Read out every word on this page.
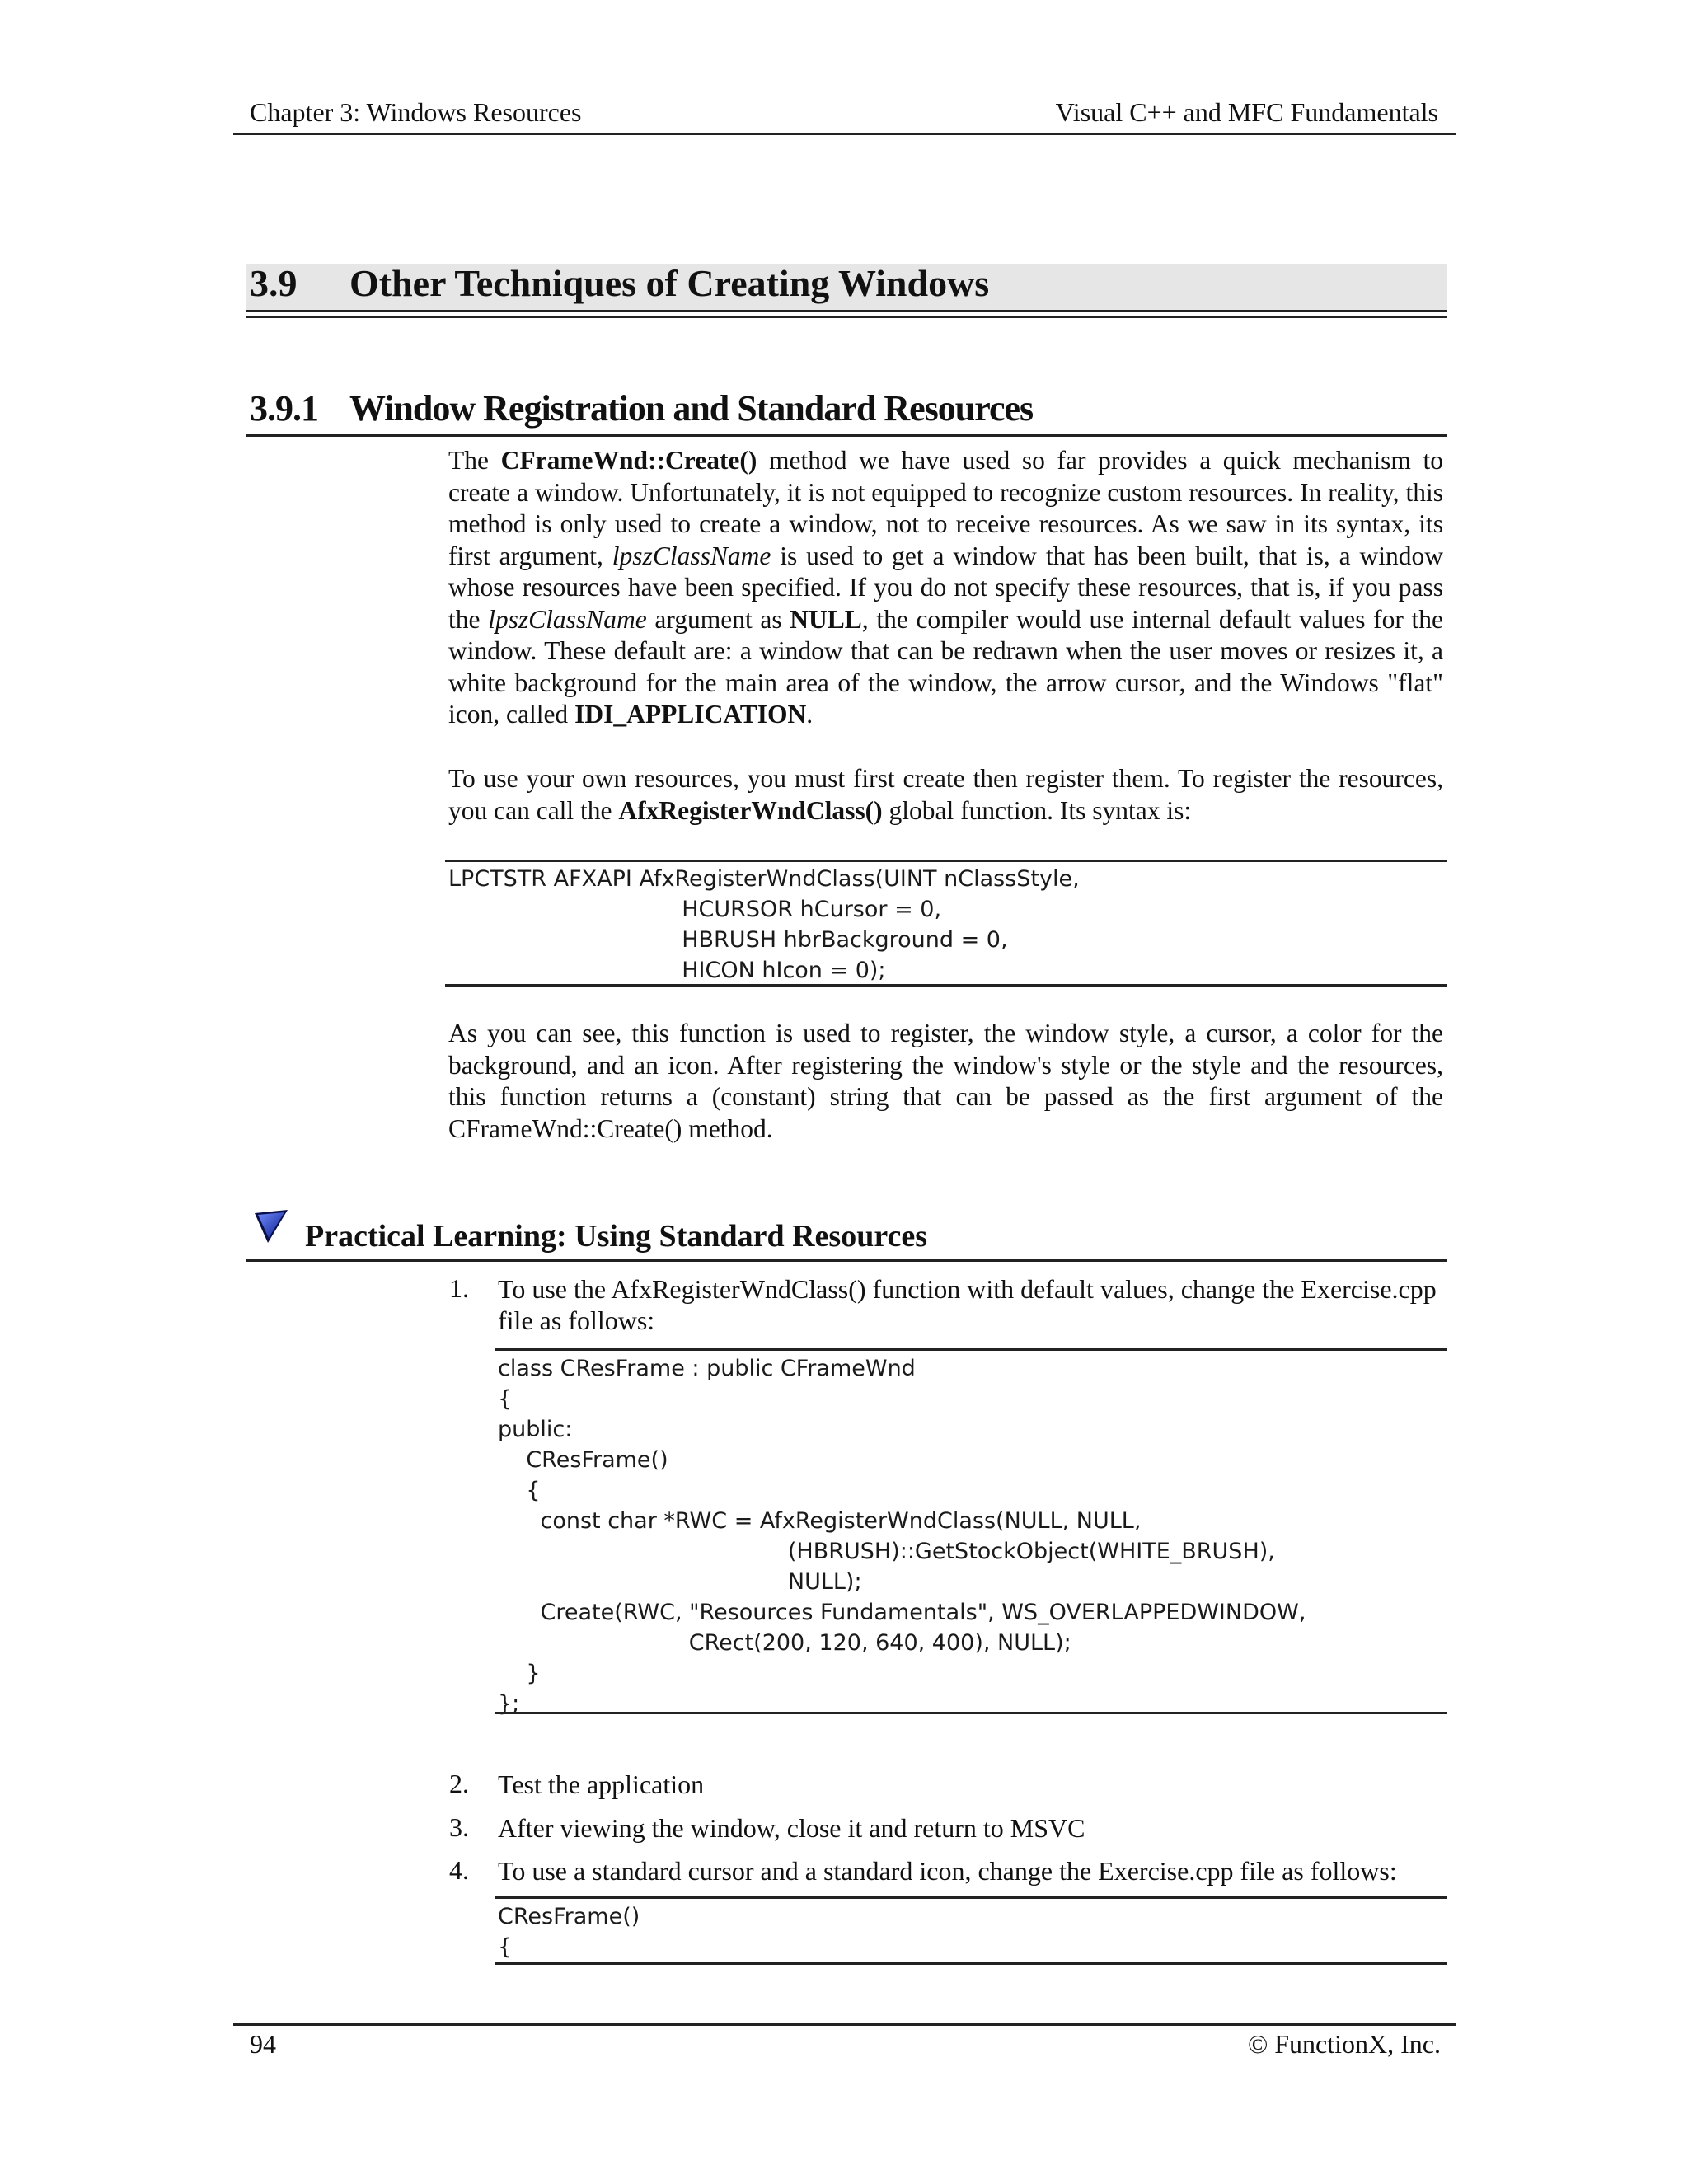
Chapter 3: Windows Resources	Visual C++ and MFC Fundamentals
3.9 Other Techniques of Creating Windows
3.9.1 Window Registration and Standard Resources
The CFrameWnd::Create() method we have used so far provides a quick mechanism to create a window. Unfortunately, it is not equipped to recognize custom resources. In reality, this method is only used to create a window, not to receive resources. As we saw in its syntax, its first argument, lpszClassName is used to get a window that has been built, that is, a window whose resources have been specified. If you do not specify these resources, that is, if you pass the lpszClassName argument as NULL, the compiler would use internal default values for the window. These default are: a window that can be redrawn when the user moves or resizes it, a white background for the main area of the window, the arrow cursor, and the Windows "flat" icon, called IDI_APPLICATION.
To use your own resources, you must first create then register them. To register the resources, you can call the AfxRegisterWndClass() global function. Its syntax is:
LPCTSTR AFXAPI AfxRegisterWndClass(UINT nClassStyle,
HCURSOR hCursor = 0,
HBRUSH hbrBackground = 0,
HICON hIcon = 0);
As you can see, this function is used to register, the window style, a cursor, a color for the background, and an icon. After registering the window's style or the style and the resources, this function returns a (constant) string that can be passed as the first argument of the CFrameWnd::Create() method.
Practical Learning: Using Standard Resources
1. To use the AfxRegisterWndClass() function with default values, change the Exercise.cpp file as follows:
class CResFrame : public CFrameWnd
{
public:
CResFrame()
{
const char *RWC = AfxRegisterWndClass(NULL, NULL,
(HBRUSH)::GetStockObject(WHITE_BRUSH),
NULL);
Create(RWC, "Resources Fundamentals", WS_OVERLAPPEDWINDOW,
CRect(200, 120, 640, 400), NULL);
}
};
2. Test the application
3. After viewing the window, close it and return to MSVC
4. To use a standard cursor and a standard icon, change the Exercise.cpp file as follows:
CResFrame()
{
94	© FunctionX, Inc.
